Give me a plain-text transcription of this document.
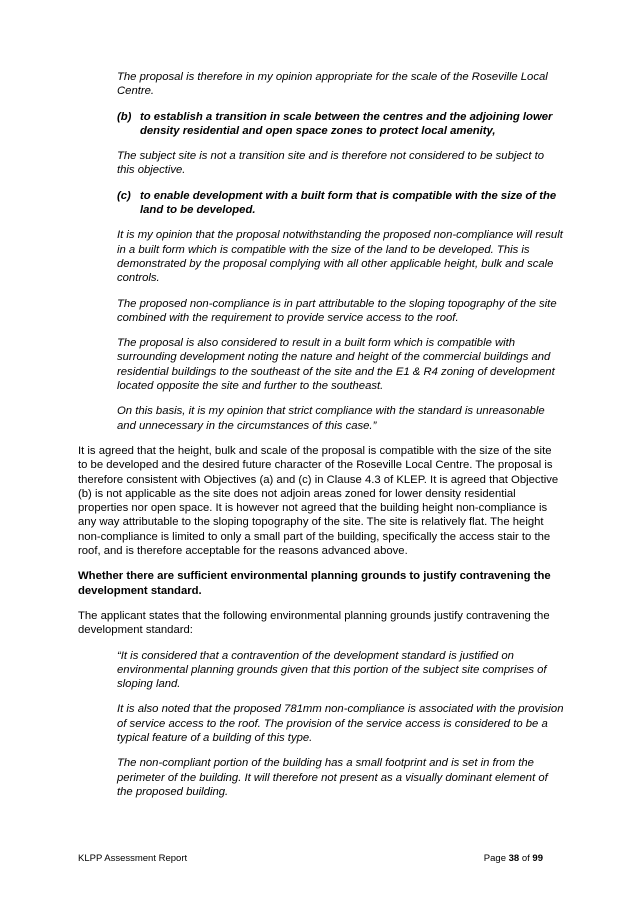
The proposal is therefore in my opinion appropriate for the scale of the Roseville Local Centre.

(b) to establish a transition in scale between the centres and the adjoining lower density residential and open space zones to protect local amenity,

The subject site is not a transition site and is therefore not considered to be subject to this objective.

(c) to enable development with a built form that is compatible with the size of the land to be developed.

It is my opinion that the proposal notwithstanding the proposed non-compliance will result in a built form which is compatible with the size of the land to be developed. This is demonstrated by the proposal complying with all other applicable height, bulk and scale controls.

The proposed non-compliance is in part attributable to the sloping topography of the site combined with the requirement to provide service access to the roof.

The proposal is also considered to result in a built form which is compatible with surrounding development noting the nature and height of the commercial buildings and residential buildings to the southeast of the site and the E1 & R4 zoning of development located opposite the site and further to the southeast.

On this basis, it is my opinion that strict compliance with the standard is unreasonable and unnecessary in the circumstances of this case.”

It is agreed that the height, bulk and scale of the proposal is compatible with the size of the site to be developed and the desired future character of the Roseville Local Centre. The proposal is therefore consistent with Objectives (a) and (c) in Clause 4.3 of KLEP. It is agreed that Objective (b) is not applicable as the site does not adjoin areas zoned for lower density residential properties nor open space. It is however not agreed that the building height non-compliance is any way attributable to the sloping topography of the site. The site is relatively flat. The height non-compliance is limited to only a small part of the building, specifically the access stair to the roof, and is therefore acceptable for the reasons advanced above.

Whether there are sufficient environmental planning grounds to justify contravening the development standard.

The applicant states that the following environmental planning grounds justify contravening the development standard:

“It is considered that a contravention of the development standard is justified on environmental planning grounds given that this portion of the subject site comprises of sloping land.

It is also noted that the proposed 781mm non-compliance is associated with the provision of service access to the roof. The provision of the service access is considered to be a typical feature of a building of this type.

The non-compliant portion of the building has a small footprint and is set in from the perimeter of the building. It will therefore not present as a visually dominant element of the proposed building.

KLPP Assessment Report	Page 38 of 99
